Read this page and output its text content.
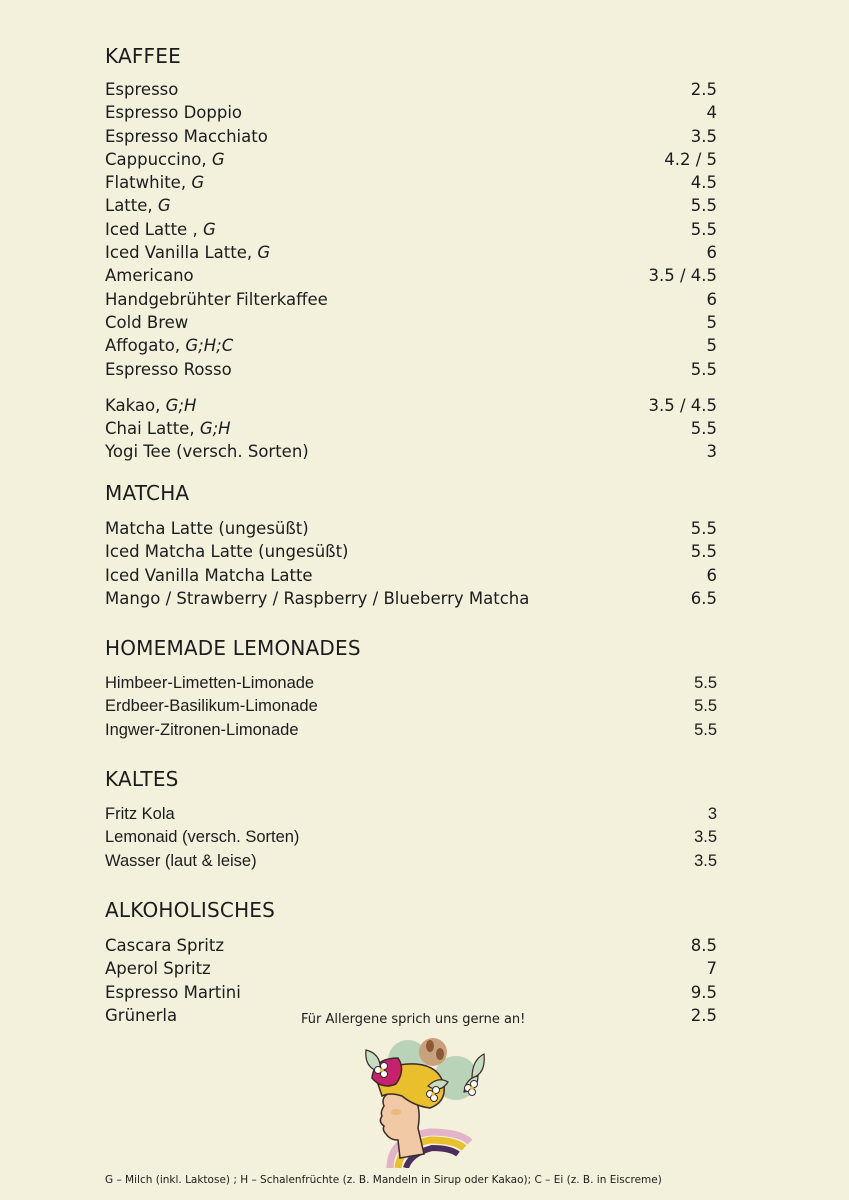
KAFFEE
Espresso	2.5
Espresso Doppio	4
Espresso Macchiato	3.5
Cappuccino, G	4.2 / 5
Flatwhite, G	4.5
Latte, G	5.5
Iced Latte , G	5.5
Iced Vanilla Latte, G	6
Americano	3.5 / 4.5
Handgebrühter Filterkaffee	6
Cold Brew	5
Affogato, G;H;C	5
Espresso Rosso	5.5
Kakao, G;H	3.5 / 4.5
Chai Latte, G;H	5.5
Yogi Tee (versch. Sorten)	3
MATCHA
Matcha Latte (ungesüßt)	5.5
Iced Matcha Latte (ungesüßt)	5.5
Iced Vanilla Matcha Latte	6
Mango / Strawberry / Raspberry / Blueberry Matcha	6.5
HOMEMADE LEMONADES
Himbeer-Limetten-Limonade	5.5
Erdbeer-Basilikum-Limonade	5.5
Ingwer-Zitronen-Limonade	5.5
KALTES
Fritz Kola	3
Lemonaid (versch. Sorten)	3.5
Wasser (laut & leise)	3.5
ALKOHOLISCHES
Cascara Spritz	8.5
Aperol Spritz	7
Espresso Martini	9.5
Grünerla	2.5
Für Allergene sprich uns gerne an!
G – Milch (inkl. Laktose) ; H – Schalenfrüchte (z. B. Mandeln in Sirup oder Kakao); C – Ei (z. B. in Eiscreme)
